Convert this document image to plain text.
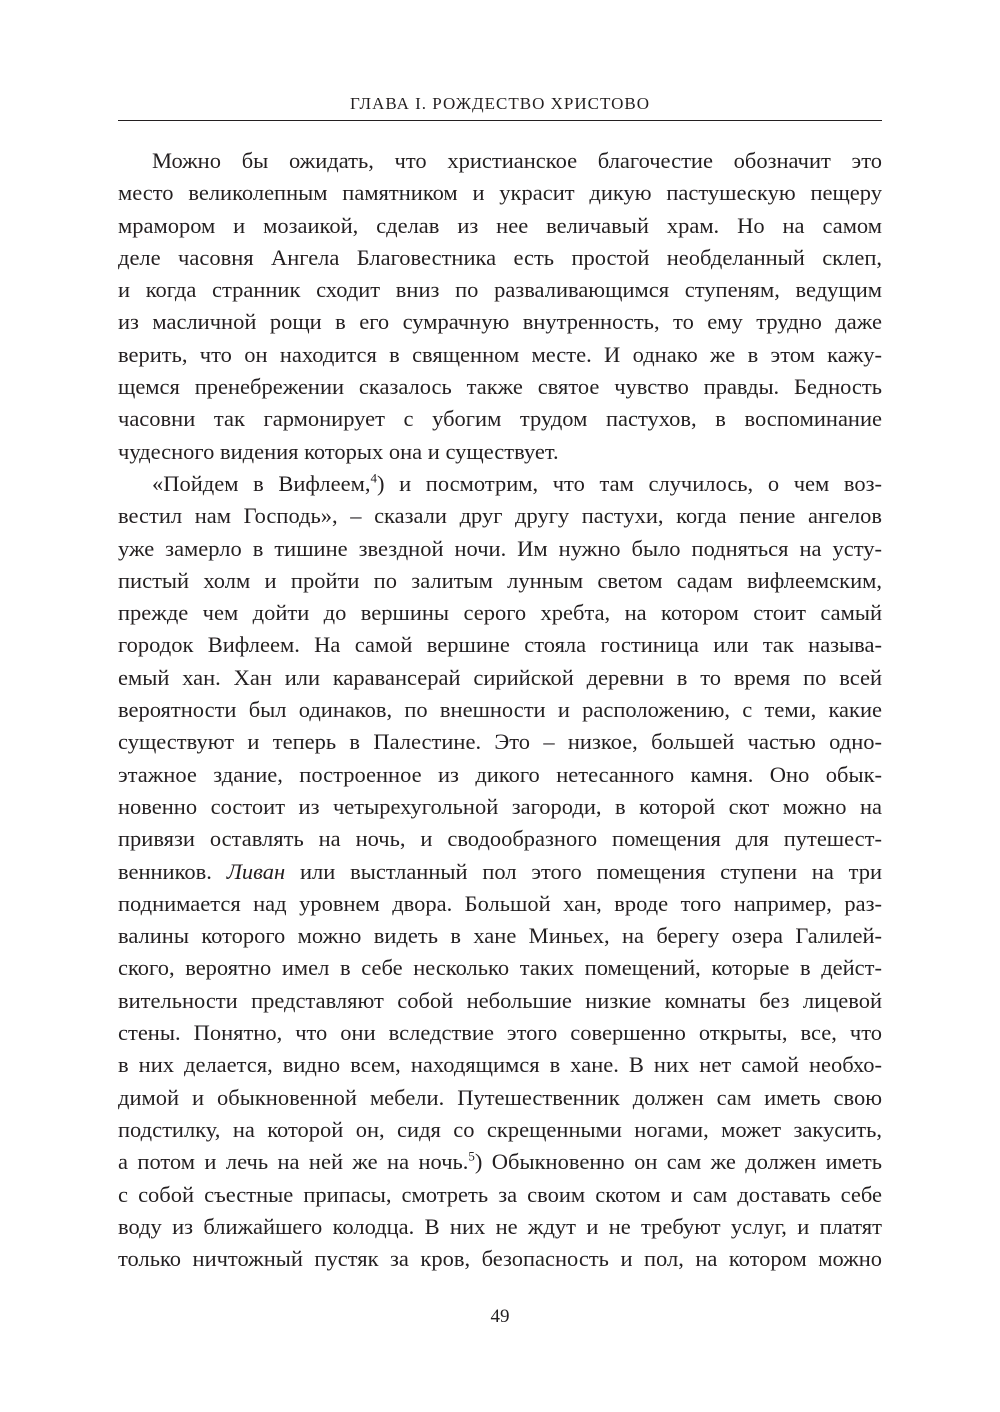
ГЛАВА I. РОЖДЕСТВО ХРИСТОВО
Можно бы ожидать, что христианское благочестие обозначит это
место великолепным памятником и украсит дикую пастушескую пещеру
мрамором и мозаикой, сделав из нее величавый храм. Но на самом
деле часовня Ангела Благовестника есть простой необделанный склеп,
и когда странник сходит вниз по разваливающимся ступеням, ведущим
из масличной рощи в его сумрачную внутренность, то ему трудно даже
верить, что он находится в священном месте. И однако же в этом кажу-
щемся пренебрежении сказалось также святое чувство правды. Бедность
часовни так гармонирует с убогим трудом пастухов, в воспоминание
чудесного видения которых она и существует.
«Пойдем в Вифлеем,$^4$) и посмотрим, что там случилось, о чем воз-
вестил нам Господь», – сказали друг другу пастухи, когда пение ангелов
уже замерло в тишине звездной ночи. Им нужно было подняться на усту-
пистый холм и пройти по залитым лунным светом садам вифлеемским,
прежде чем дойти до вершины серого хребта, на котором стоит самый
городок Вифлеем. На самой вершине стояла гостиница или так называ-
емый хан. Хан или каравансерай сирийской деревни в то время по всей
вероятности был одинаков, по внешности и расположению, с теми, какие
существуют и теперь в Палестине. Это – низкое, большей частью одно-
этажное здание, построенное из дикого нетесанного камня. Оно обык-
новенно состоит из четырехугольной загороди, в которой скот можно на
привязи оставлять на ночь, и сводообразного помещения для путешест-
венников. Ливан или выстланный пол этого помещения ступени на три
поднимается над уровнем двора. Большой хан, вроде того например, раз-
валины которого можно видеть в хане Миньех, на берегу озера Галилей-
ского, вероятно имел в себе несколько таких помещений, которые в дейст-
вительности представляют собой небольшие низкие комнаты без лицевой
стены. Понятно, что они вследствие этого совершенно открыты, все, что
в них делается, видно всем, находящимся в хане. В них нет самой необхо-
димой и обыкновенной мебели. Путешественник должен сам иметь свою
подстилку, на которой он, сидя со скрещенными ногами, может закусить,
а потом и лечь на ней же на ночь.$^5$) Обыкновенно он сам же должен иметь
с собой съестные припасы, смотреть за своим скотом и сам доставать себе
воду из ближайшего колодца. В них не ждут и не требуют услуг, и платят
только ничтожный пустяк за кров, безопасность и пол, на котором можно
49
